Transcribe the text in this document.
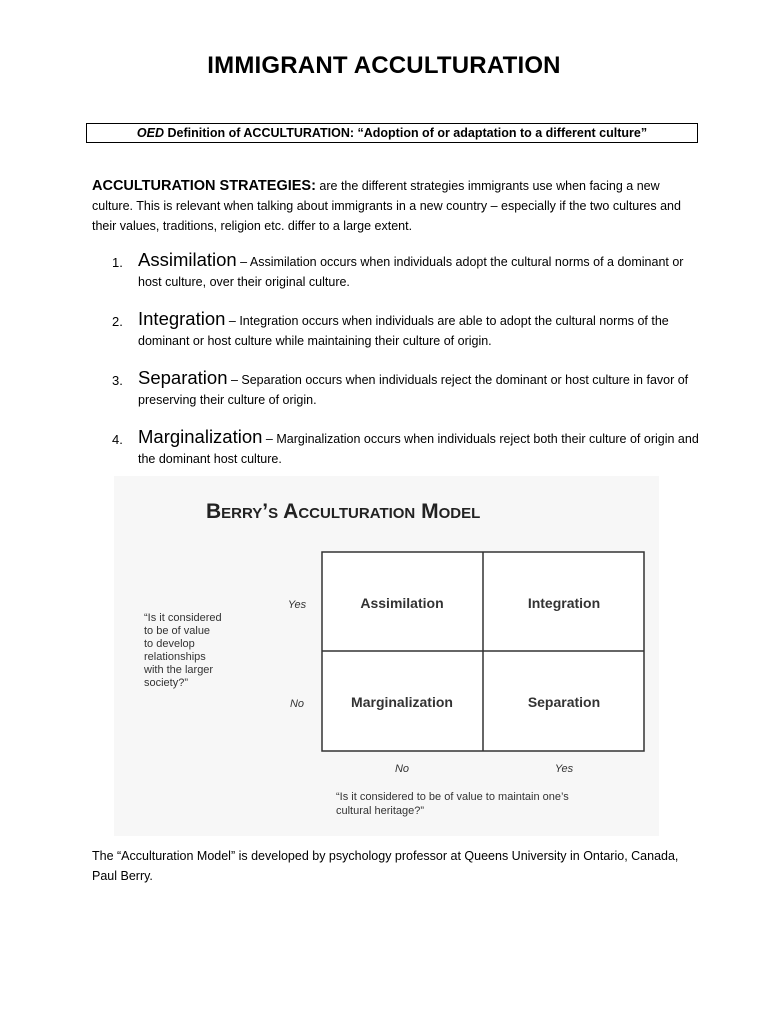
IMMIGRANT ACCULTURATION
OED Definition of ACCULTURATION: “Adoption of or adaptation to a different culture”
ACCULTURATION STRATEGIES: are the different strategies immigrants use when facing a new culture. This is relevant when talking about immigrants in a new country – especially if the two cultures and their values, traditions, religion etc. differ to a large extent.
1. Assimilation – Assimilation occurs when individuals adopt the cultural norms of a dominant or host culture, over their original culture.
2. Integration – Integration occurs when individuals are able to adopt the cultural norms of the dominant or host culture while maintaining their culture of origin.
3. Separation – Separation occurs when individuals reject the dominant or host culture in favor of preserving their culture of origin.
4. Marginalization – Marginalization occurs when individuals reject both their culture of origin and the dominant host culture.
Berry’s Acculturation Model
Assimilation	Integration
Marginalization	Separation
Yes
No
No	Yes
“Is it considered
to be of value
to develop
relationships
with the larger
society?”
“Is it considered to be of value to maintain one’s
cultural heritage?”
The “Acculturation Model” is developed by psychology professor at Queens University in Ontario, Canada, Paul Berry.
